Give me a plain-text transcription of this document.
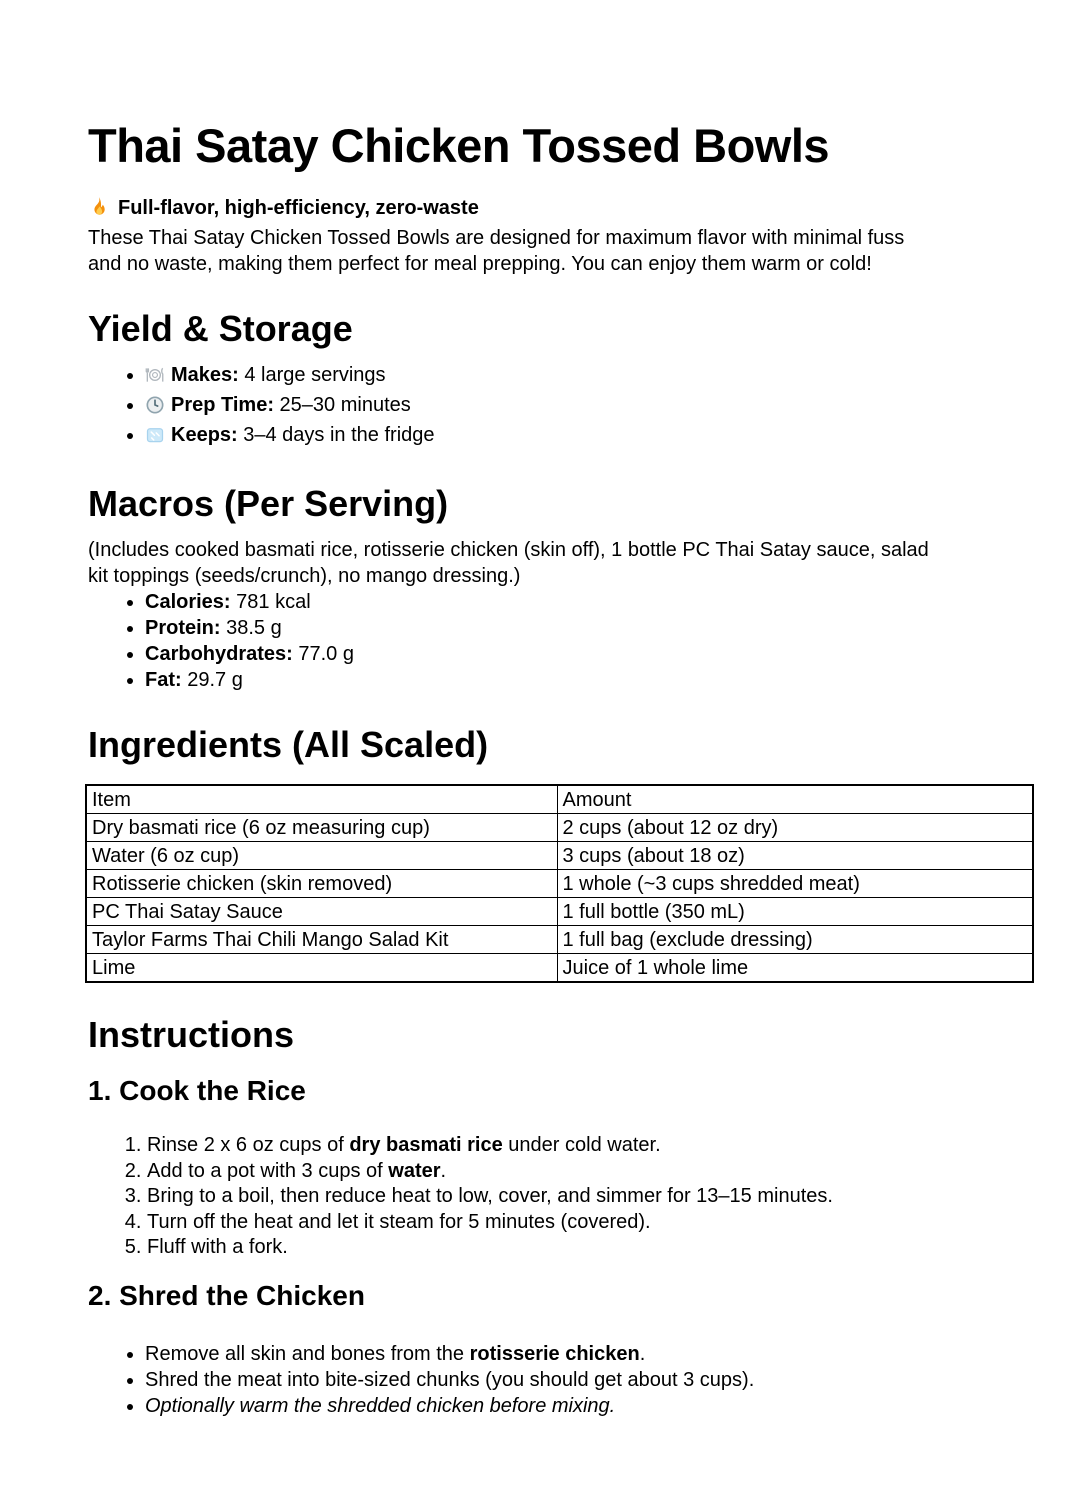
Thai Satay Chicken Tossed Bowls

Full-flavor, high-efficiency, zero-waste

These Thai Satay Chicken Tossed Bowls are designed for maximum flavor with minimal fuss
and no waste, making them perfect for meal prepping. You can enjoy them warm or cold!

Yield & Storage
• Makes: 4 large servings
• Prep Time: 25–30 minutes
• Keeps: 3–4 days in the fridge
Macros (Per Serving)

(Includes cooked basmati rice, rotisserie chicken (skin off), 1 bottle PC Thai Satay sauce, salad
kit toppings (seeds/crunch), no mango dressing.)

• Calories: 781 kcal
• Protein: 38.5 g
• Carbohydrates: 77.0 g
• Fat: 29.7 g
Ingredients (All Scaled)
Item	Amount
Dry basmati rice (6 oz measuring cup)	2 cups (about 12 oz dry)
Water (6 oz cup)	3 cups (about 18 oz)
Rotisserie chicken (skin removed)	1 whole (~3 cups shredded meat)
PC Thai Satay Sauce	1 full bottle (350 mL)
Taylor Farms Thai Chili Mango Salad Kit	1 full bag (exclude dressing)
Lime	Juice of 1 whole lime
Instructions
1. Cook the Rice
1. Rinse 2 x 6 oz cups of dry basmati rice under cold water.
2. Add to a pot with 3 cups of water.
3. Bring to a boil, then reduce heat to low, cover, and simmer for 13–15 minutes.
4. Turn off the heat and let it steam for 5 minutes (covered).
5. Fluff with a fork.
2. Shred the Chicken
• Remove all skin and bones from the rotisserie chicken.
• Shred the meat into bite-sized chunks (you should get about 3 cups).
• Optionally warm the shredded chicken before mixing.
